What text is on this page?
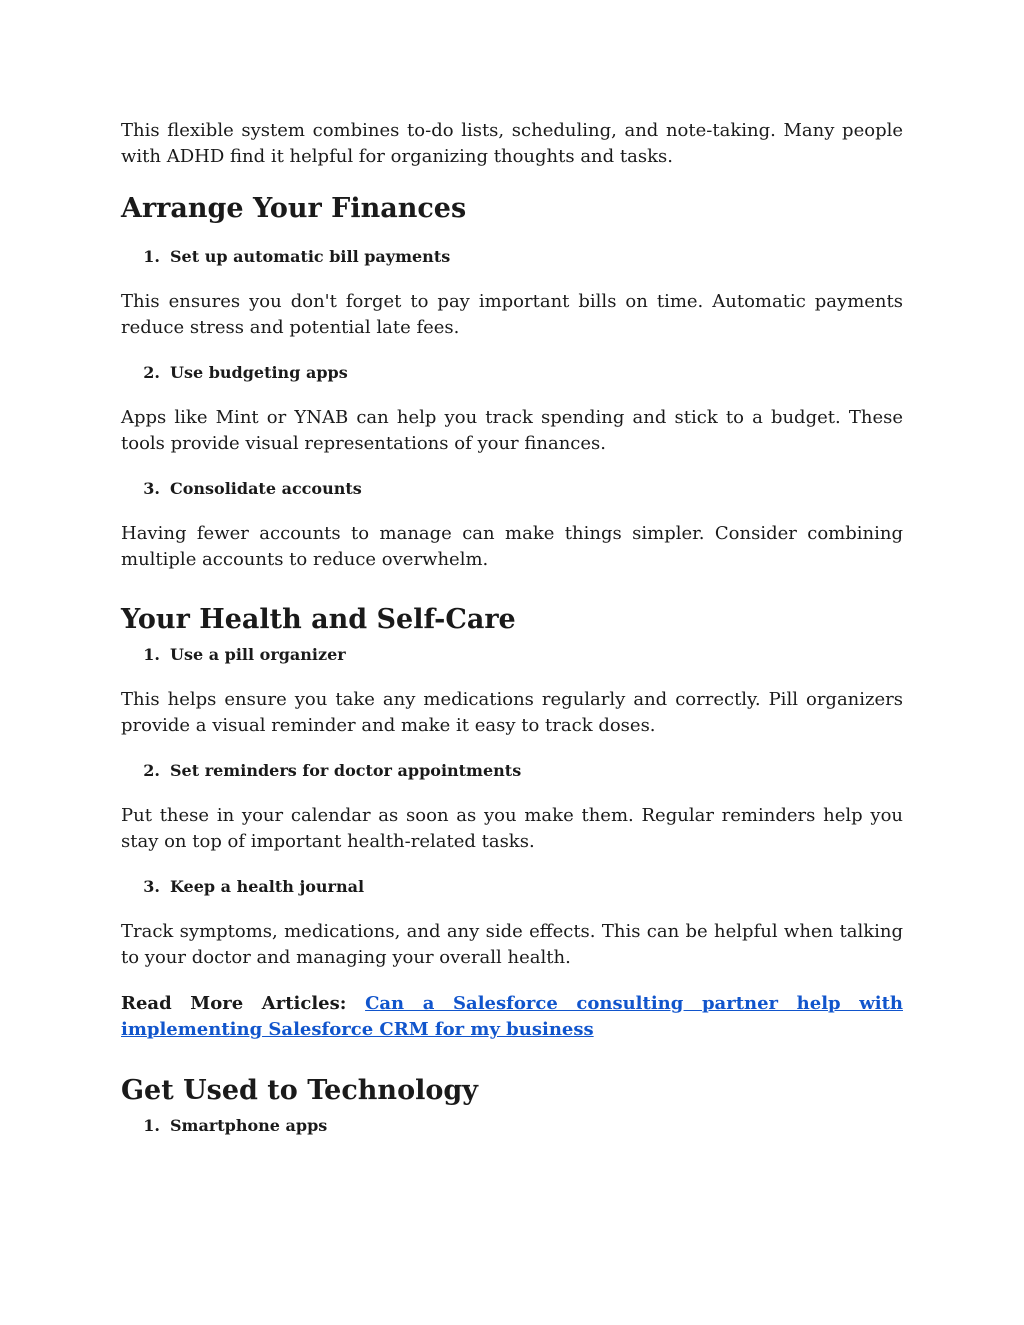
This flexible system combines to-do lists, scheduling, and note-taking. Many people with ADHD find it helpful for organizing thoughts and tasks.

Arrange Your Finances
1. Set up automatic bill payments

This ensures you don't forget to pay important bills on time. Automatic payments reduce stress and potential late fees.

2. Use budgeting apps

Apps like Mint or YNAB can help you track spending and stick to a budget. These tools provide visual representations of your finances.

3. Consolidate accounts

Having fewer accounts to manage can make things simpler. Consider combining multiple accounts to reduce overwhelm.

Your Health and Self-Care
1. Use a pill organizer

This helps ensure you take any medications regularly and correctly. Pill organizers provide a visual reminder and make it easy to track doses.

2. Set reminders for doctor appointments

Put these in your calendar as soon as you make them. Regular reminders help you stay on top of important health-related tasks.

3. Keep a health journal

Track symptoms, medications, and any side effects. This can be helpful when talking to your doctor and managing your overall health.

Read More Articles: Can a Salesforce consulting partner help with implementing Salesforce CRM for my business

Get Used to Technology
1. Smartphone apps
